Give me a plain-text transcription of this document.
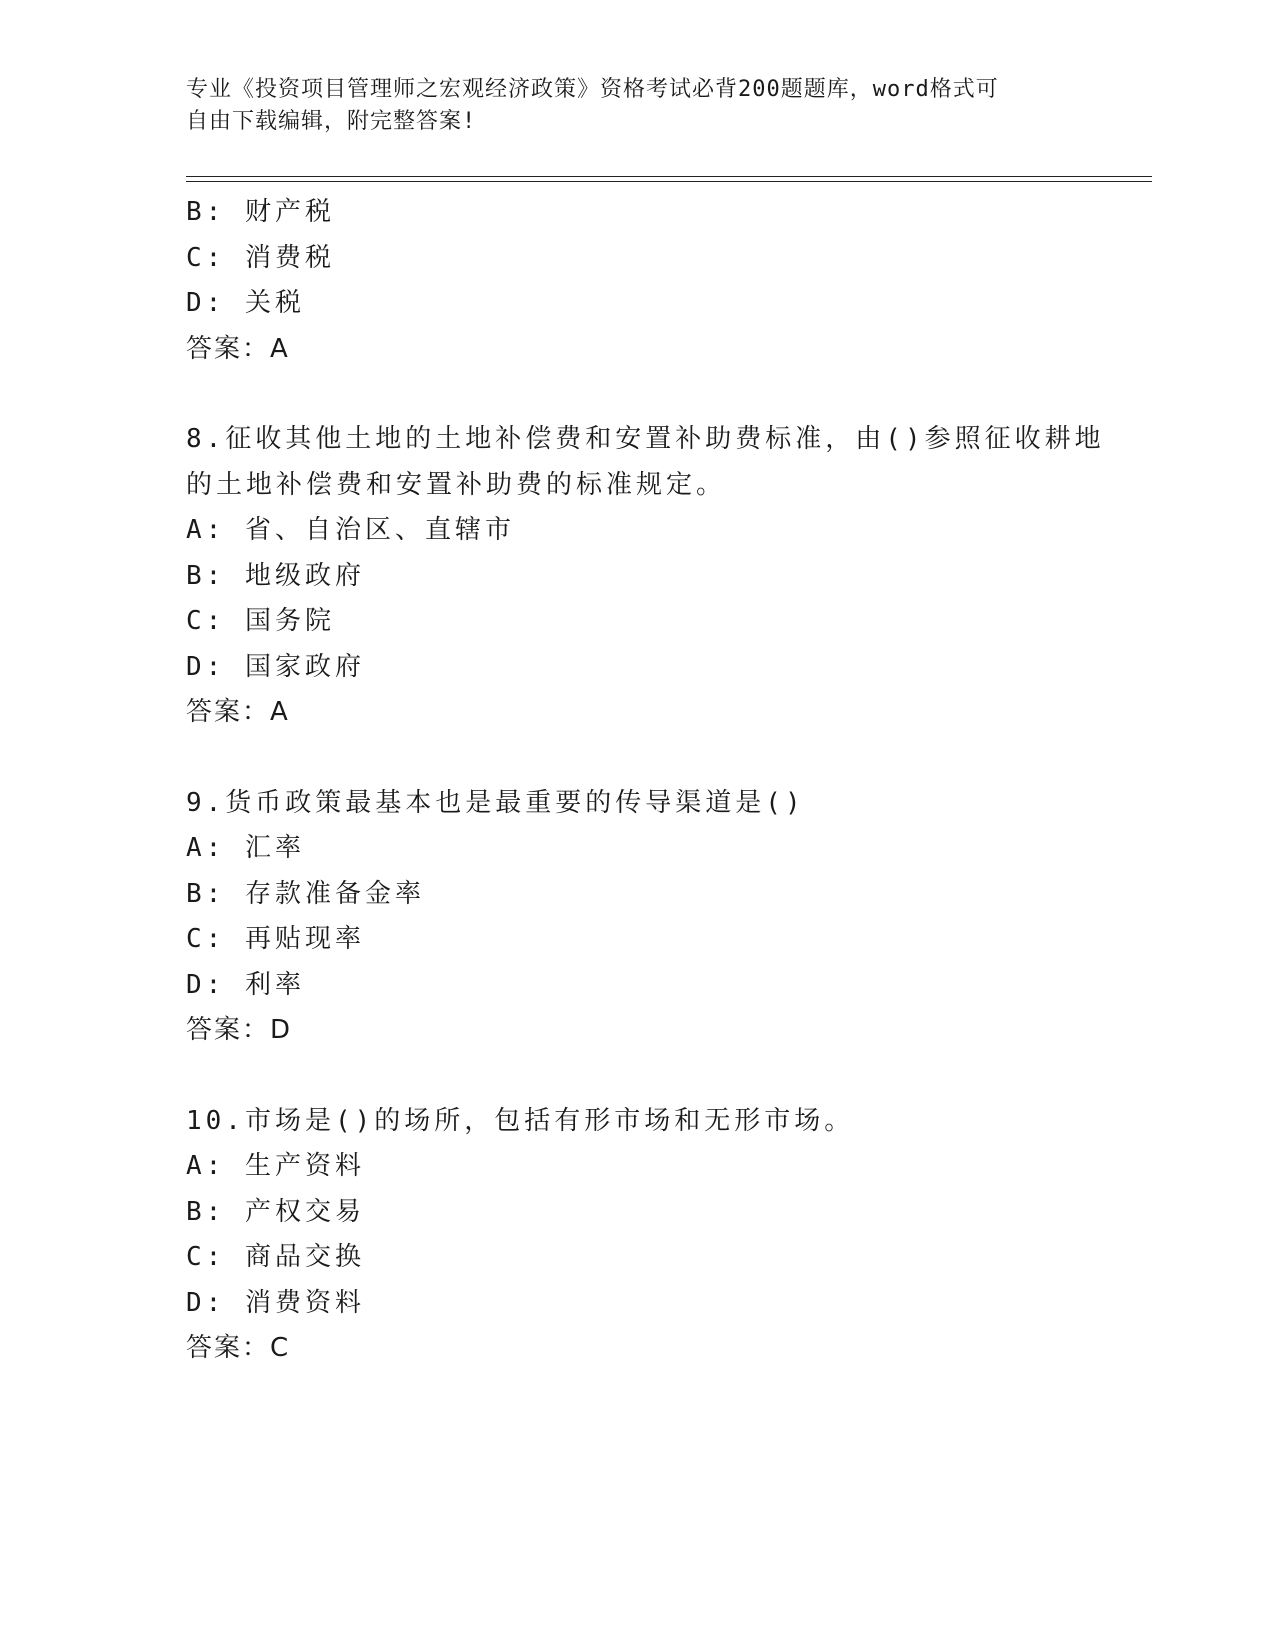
专业《投资项目管理师之宏观经济政策》资格考试必背200题题库，word格式可
自由下载编辑，附完整答案!

B: 财产税

C: 消费税

D: 关税

答案：A

8.征收其他土地的土地补偿费和安置补助费标准，由()参照征收耕地

的土地补偿费和安置补助费的标准规定。

A: 省、自治区、直辖市

B: 地级政府

C: 国务院

D: 国家政府

答案：A

9.货币政策最基本也是最重要的传导渠道是()

A: 汇率

B: 存款准备金率

C: 再贴现率

D: 利率

答案：D

10.市场是()的场所，包括有形市场和无形市场。

A: 生产资料

B: 产权交易

C: 商品交换

D: 消费资料

答案：C
